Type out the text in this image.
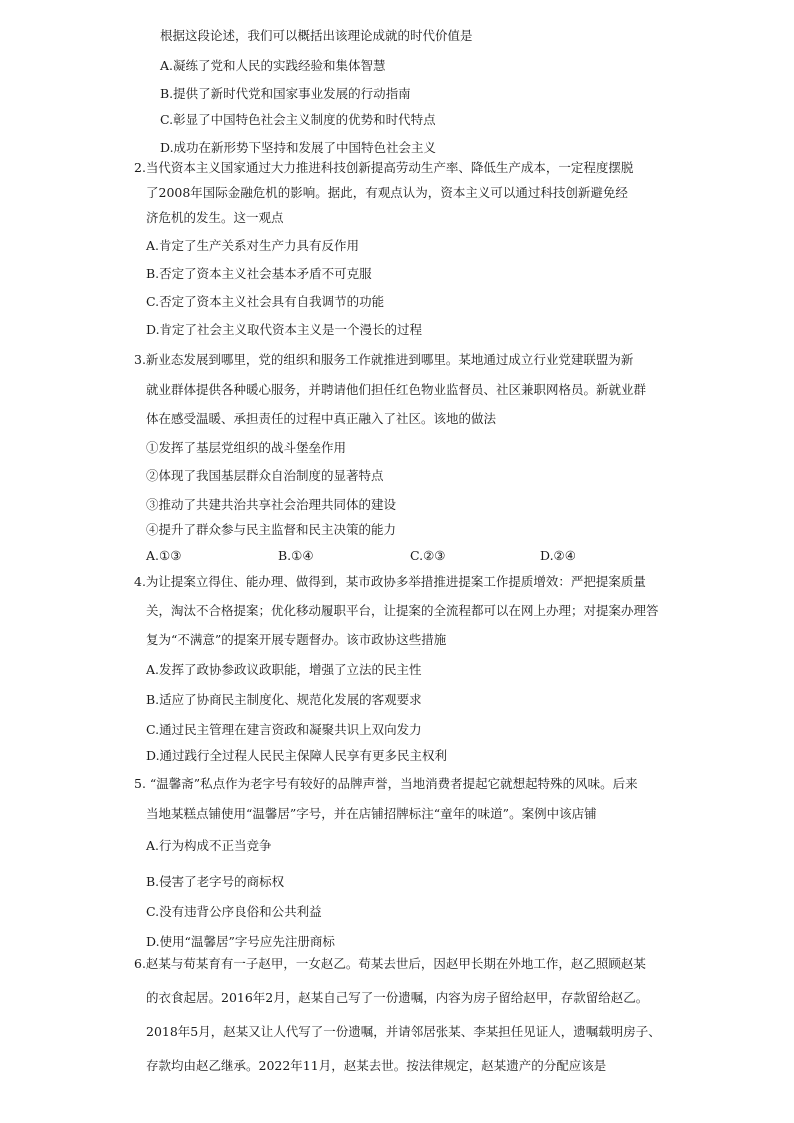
根据这段论述，我们可以概括出该理论成就的时代价值是
A.凝练了党和人民的实践经验和集体智慧
B.提供了新时代党和国家事业发展的行动指南
C.彰显了中国特色社会主义制度的优势和时代特点
D.成功在新形势下坚持和发展了中国特色社会主义
2.当代资本主义国家通过大力推进科技创新提高劳动生产率、降低生产成本，一定程度摆脱
了2008年国际金融危机的影响。据此，有观点认为，资本主义可以通过科技创新避免经
济危机的发生。这一观点
A.肯定了生产关系对生产力具有反作用
B.否定了资本主义社会基本矛盾不可克服
C.否定了资本主义社会具有自我调节的功能
D.肯定了社会主义取代资本主义是一个漫长的过程
3.新业态发展到哪里，党的组织和服务工作就推进到哪里。某地通过成立行业党建联盟为新
就业群体提供各种暖心服务，并聘请他们担任红色物业监督员、社区兼职网格员。新就业群
体在感受温暖、承担责任的过程中真正融入了社区。该地的做法
①发挥了基层党组织的战斗堡垒作用
②体现了我国基层群众自治制度的显著特点
③推动了共建共治共享社会治理共同体的建设
④提升了群众参与民主监督和民主决策的能力
A.①③	B.①④	C.②③	D.②④
4.为让提案立得住、能办理、做得到，某市政协多举措推进提案工作提质增效：严把提案质量
关，淘汰不合格提案；优化移动履职平台，让提案的全流程都可以在网上办理；对提案办理答
复为“不满意”的提案开展专题督办。该市政协这些措施
A.发挥了政协参政议政职能，增强了立法的民主性
B.适应了协商民主制度化、规范化发展的客观要求
C.通过民主管理在建言资政和凝聚共识上双向发力
D.通过践行全过程人民民主保障人民享有更多民主权利
5. “温馨斋”私点作为老字号有较好的品牌声誉，当地消费者提起它就想起特殊的风味。后来
当地某糕点铺使用“温馨居”字号，并在店铺招牌标注“童年的味道”。案例中该店铺
A.行为构成不正当竞争
B.侵害了老字号的商标权
C.没有违背公序良俗和公共利益
D.使用“温馨居”字号应先注册商标
6.赵某与荀某育有一子赵甲，一女赵乙。荀某去世后，因赵甲长期在外地工作，赵乙照顾赵某
的衣食起居。2016年2月，赵某自己写了一份遗嘱，内容为房子留给赵甲，存款留给赵乙。
2018年5月，赵某又让人代写了一份遗嘱，并请邻居张某、李某担任见证人，遗嘱载明房子、
存款均由赵乙继承。2022年11月，赵某去世。按法律规定，赵某遗产的分配应该是
